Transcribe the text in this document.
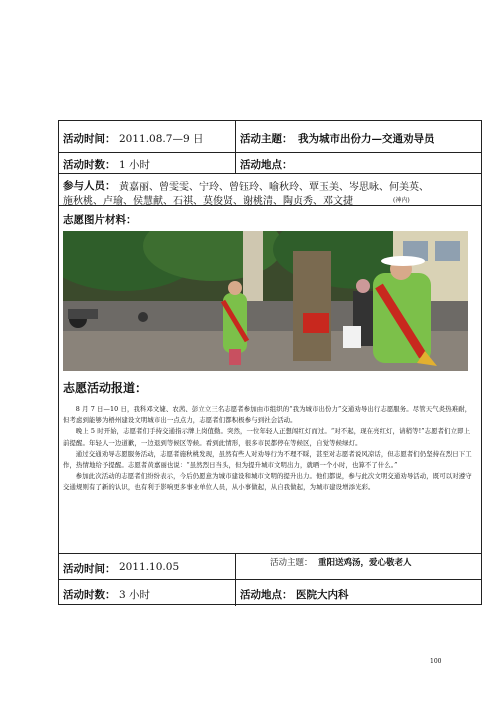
活动时间： 2011.08.7—9 日	活动主题： 我为城市出份力—交通劝导员
活动时数： 1 小时	活动地点：
参与人员： 黄嘉丽、曾雯雯、宁玲、曾钰玲、喻秋玲、覃玉美、岑思咏、何美英、
施秋桃、卢瑜、侯慧献、石祺、莫俊贤、谢桃清、陶贞秀、邓文捷	(神内)
志愿图片材料：
志愿活动报道：

8 月 7 日—10 日，我科邓文婕、农茜、彭立立三名志愿者参加由市组织的“我为城市出份力”交通劝导出行志愿服务。尽管天气炎热难耐，但考虑到能够为梧州建设文明城市出一点点力，志愿者们都积极参与到社会活动。

晚上 5 时开始，志愿者们手持交通指示牌上岗值勤。突然，一位年轻人正想闯红灯而过。“对不起，现在亮红灯，请稍等!”志愿者们立即上前提醒。年轻人一边道歉，一边退到等候区等候。看到此情形，很多市民都停在等候区，自觉等候绿灯。

通过交通劝导志愿服务活动，志愿者施秋桃发现，虽然有些人对劝导行为不理不睬，甚至对志愿者说风凉话，但志愿者们仍坚持在烈日下工作，热情地给予提醒。志愿者黄嘉丽也说：“虽然烈日当头，但为提升城市文明出力，就晒一个小时，也算不了什么。”

参加此次活动的志愿者们纷纷表示，今后仍愿意为城市建设和城市文明的提升出力。他们都说，参与此次文明交通劝导活动，既可以对遵守交通规则有了新的认识，也有利于影响更多事业单位人员，从小事做起，从自我做起，为城市建设增添光彩。

活动时间： 2011.10.05	活动主题： 重阳送鸡汤，爱心敬老人
活动时数： 3 小时	活动地点： 医院大内科
100
